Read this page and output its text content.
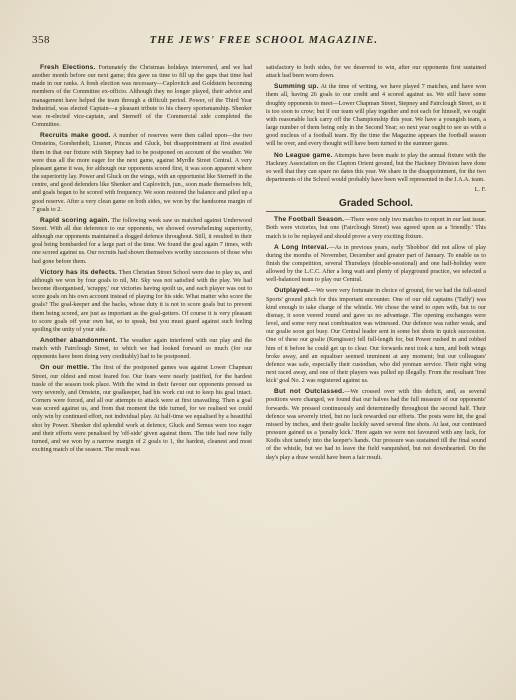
358	THE JEWS' FREE SCHOOL MAGAZINE.

Fresh Elections. Fortunately the Christmas holidays intervened, and we had another month before our next game; this gave us time to fill up the gaps that time had made in our ranks. A fresh election was necessary—Caplovitch and Goldstein becoming members of the Committee ex-officio. Although they no longer played, their advice and management have helped the team through a difficult period. Power, of the Third Year Industrial, was elected Captain—a pleasant tribute to his cheery sportsmanship. Shenker was re-elected vice-captain, and Sterneff of the Commercial side completed the Committee.

Recruits make good. A number of reserves were then called upon—the two Ornsteins, Gorshenbelt, Lissner, Pincus and Gluck, but disappointment at first awaited them in that our fixture with Stepney had to be postponed on account of the weather. We were thus all the more eager for the next game, against Myrdle Street Central. A very pleasant game it was, for although our opponents scored first, it was soon apparent where the superiority lay. Power and Gluck on the wings, with an opportunist like Sterneff in the centre, and good defenders like Shenker and Caplovitch, jun., soon made themselves felt, and goals began to be scored with frequency. We soon restored the balance and piled up a good reserve. After a very clean game on both sides, we won by the handsome margin of 7 goals to 2.

Rapid scoring again. The following week saw us matched against Underwood Street. With all due deference to our opponents, we showed overwhelming superiority, although our opponents maintained a dogged defence throughout. Still, it resulted in their goal being bombarded for a large part of the time. We found the goal again 7 times, with one scored against us. Our recruits had shown themselves worthy successors of those who had gone before them.

Victory has its defects. Then Christian Street School were due to play us, and although we won by four goals to nil, Mr. Sky was not satisfied with the play. We had become disorganised, 'scrappy,' our victories having spoilt us, and each player was out to score goals on his own account instead of playing for his side. What matter who score the goals? The goal-keeper and the backs, whose duty it is not to score goals but to prevent them being scored, are just as important as the goal-getters. Of course it is very pleasant to score goals off your own bat, so to speak, but you must guard against such feeling spoiling the unity of your side.

Another abandonment. The weather again interfered with our play and the match with Fairclough Street, to which we had looked forward so much (for our opponents have been doing very creditably) had to be postponed.

On our mettle. The first of the postponed games was against Lower Chapman Street, our oldest and most feared foe. Our fears were nearly justified, for the hardest tussle of the season took place. With the wind in their favour our opponents pressed us very severely, and Ornstein, our goalkeeper, had his work cut out to keep his goal intact. Corners were forced, and all our attempts to attack were at first unavailing. Then a goal was scored against us, and from that moment the tide turned, for we realised we could only win by continued effort, not individual play. At half-time we equalised by a beautiful shot by Power. Shenker did splendid work at defence, Gluck and Semus were too eager and their efforts were penalised by 'off-side' given against them. The tide had now fully turned, and we won by a narrow margin of 2 goals to 1, the hardest, cleanest and most exciting match of the season. The result was

satisfactory to both sides, for we deserved to win, after our opponents first sustained attack had been worn down.

Summing up. At the time of writing, we have played 7 matches, and have won them all, having 26 goals to our credit and 4 scored against us. We still have some doughty opponents to meet—Lower Chapman Street, Stepney and Fairclough Street, so it is too soon to crow; but if our team will play together and not each for himself, we ought with reasonable luck carry off the Championship this year. We have a youngish team, a large number of them being only in the Second Year; so next year ought to see us with a good nucleus of a football team. By the time the Magazine appears the football season will be over, and every thought will have been turned to the summer game.

No League game. Attempts have been made to play the annual fixture with the Hackney Association on the Clapton Orient ground, but the Hackney Division have done so well that they can spare no dates this year. We share in the disappointment, for the two departments of the School would probably have been well represented in the J.A.A. team.

L. F.
Graded School.

The Football Season.—There were only two matches to report in our last issue. Both were victories, but one (Fairclough Street) was agreed upon as a 'friendly.' This match is to be replayed and should prove a very exciting fixture.

A Long Interval.—As in previous years, early 'Shobbos' did not allow of play during the months of November, December and greater part of January. To enable us to finish the competition, several Thursdays (double-sessional) and one half-holiday were allowed by the L.C.C. After a long wait and plenty of playground practice, we selected a well-balanced team to play our Central.

Outplayed.—We were very fortunate in choice of ground, for we had the full-sized Sports' ground pitch for this important encounter. One of our old captains ('Taffy') was kind enough to take charge of the whistle. We chose the wind to open with, but to our dismay, it soon veered round and gave us no advantage. The opening exchanges were level, and some very neat combination was witnessed. Our defence was rather weak, and our goalie soon got busy. Our Central leader sent in some hot shots in quick succession. One of these our goalie (Kengisser) fell full-length for, but Power rushed in and robbed him of it before he could get up to clear. Our forwards next took a turn, and both wings broke away, and an equaliser seemed imminent at any moment; but our colleagues' defence was safe, especially their custodian, who did yeoman service. Their right wing next raced away, and one of their players was pulled up illegally. From the resultant 'free kick' goal No. 2 was registered against us.

But not Outclassed.—We crossed over with this deficit, and, as several positions were changed, we found that our halves had the full measure of our opponents' forwards. We pressed continuously and determinedly throughout the second half. Their defence was severely tried, but no luck rewarded our efforts. The posts were hit, the goal missed by inches, and their goalie luckily saved several fine shots. At last, our continued pressure gained us a 'penalty kick.' Here again we were not favoured with any luck, for Kodis shot tamely into the keeper's hands. Our pressure was sustained till the final sound of the whistle, but we had to leave the field vanquished, but not downhearted. On the day's play a draw would have been a fair result.
